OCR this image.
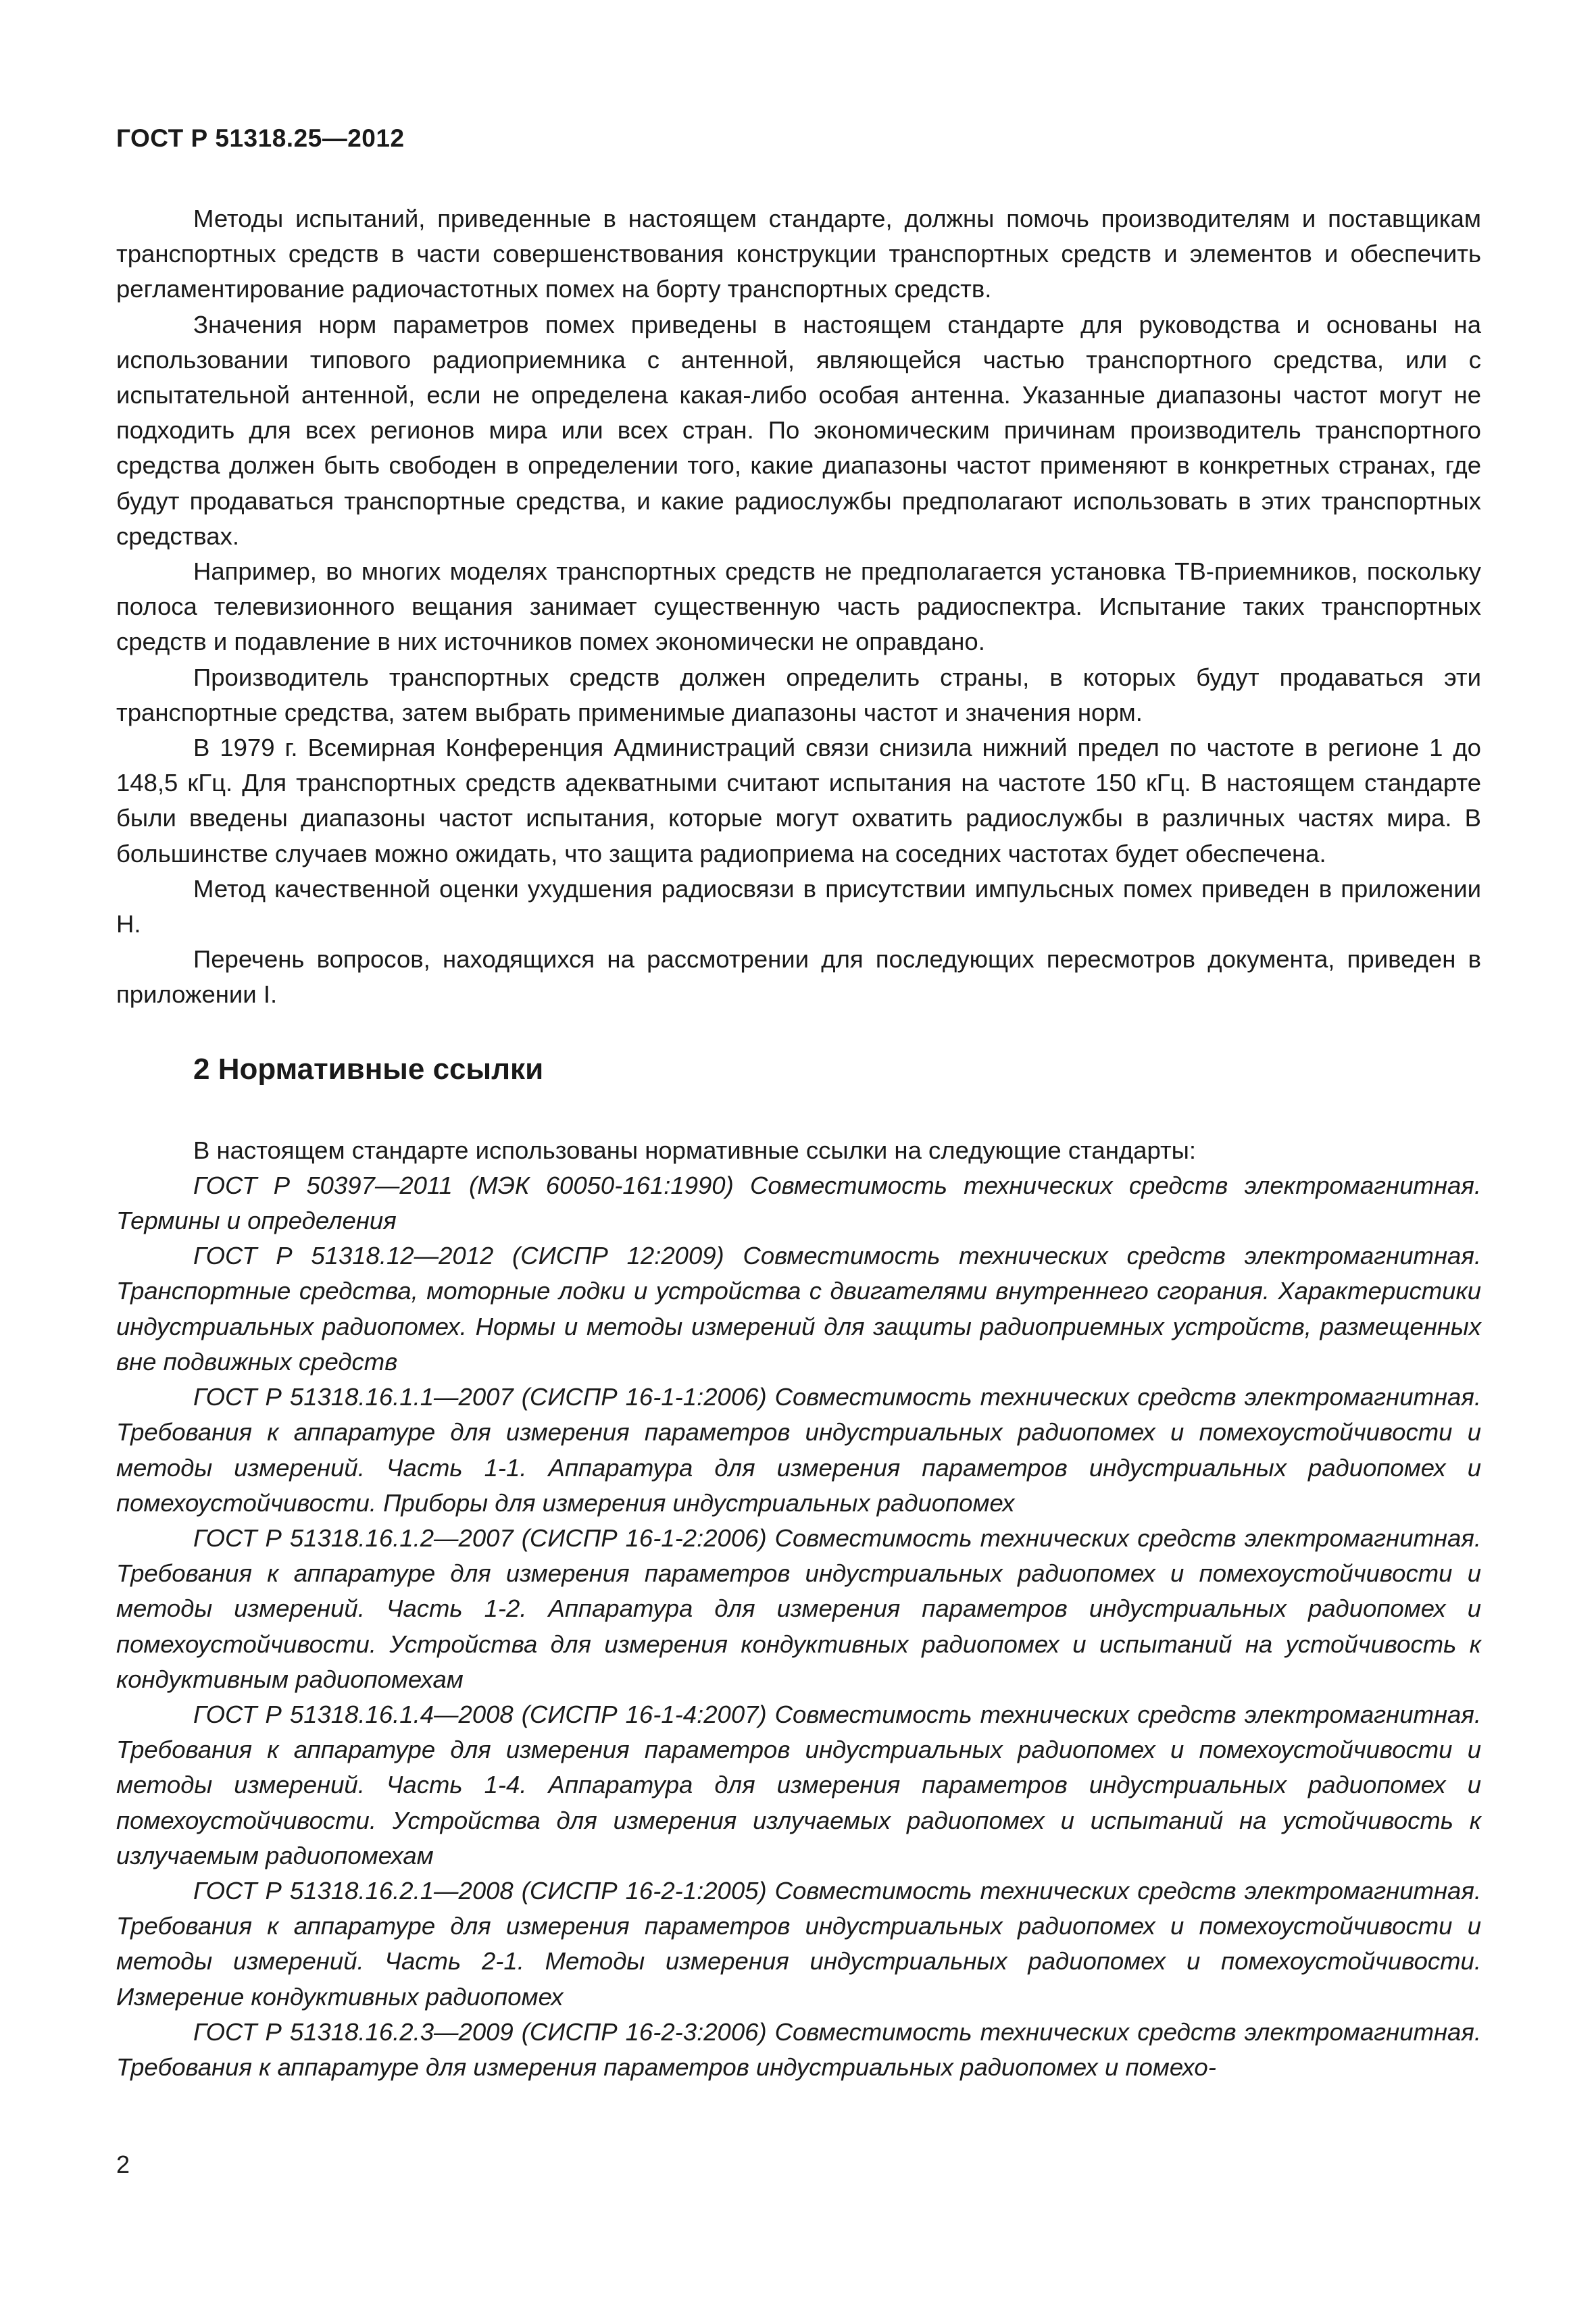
ГОСТ Р 51318.25—2012

Методы испытаний, приведенные в настоящем стандарте, должны помочь производителям и поставщикам транспортных средств в части совершенствования конструкции транспортных средств и элементов и обеспечить регламентирование радиочастотных помех на борту транспортных средств.

Значения норм параметров помех приведены в настоящем стандарте для руководства и основаны на использовании типового радиоприемника с антенной, являющейся частью транспортного средства, или с испытательной антенной, если не определена какая-либо особая антенна. Указанные диапазоны частот могут не подходить для всех регионов мира или всех стран. По экономическим причинам производитель транспортного средства должен быть свободен в определении того, какие диапазоны частот применяют в конкретных странах, где будут продаваться транспортные средства, и какие радиослужбы предполагают использовать в этих транспортных средствах.

Например, во многих моделях транспортных средств не предполагается установка ТВ-приемников, поскольку полоса телевизионного вещания занимает существенную часть радиоспектра. Испытание таких транспортных средств и подавление в них источников помех экономически не оправдано.

Производитель транспортных средств должен определить страны, в которых будут продаваться эти транспортные средства, затем выбрать применимые диапазоны частот и значения норм.

В 1979 г. Всемирная Конференция Администраций связи снизила нижний предел по частоте в регионе 1 до 148,5 кГц. Для транспортных средств адекватными считают испытания на частоте 150 кГц. В настоящем стандарте были введены диапазоны частот испытания, которые могут охватить радиослужбы в различных частях мира. В большинстве случаев можно ожидать, что защита радиоприема на соседних частотах будет обеспечена.

Метод качественной оценки ухудшения радиосвязи в присутствии импульсных помех приведен в приложении Н.

Перечень вопросов, находящихся на рассмотрении для последующих пересмотров документа, приведен в приложении I.

2 Нормативные ссылки

В настоящем стандарте использованы нормативные ссылки на следующие стандарты:

ГОСТ Р 50397—2011 (МЭК 60050-161:1990) Совместимость технических средств электромагнитная. Термины и определения

ГОСТ Р 51318.12—2012 (СИСПР 12:2009) Совместимость технических средств электромагнитная. Транспортные средства, моторные лодки и устройства с двигателями внутреннего сгорания. Характеристики индустриальных радиопомех. Нормы и методы измерений для защиты радиоприемных устройств, размещенных вне подвижных средств

ГОСТ Р 51318.16.1.1—2007 (СИСПР 16-1-1:2006) Совместимость технических средств электромагнитная. Требования к аппаратуре для измерения параметров индустриальных радиопомех и помехоустойчивости и методы измерений. Часть 1-1. Аппаратура для измерения параметров индустриальных радиопомех и помехоустойчивости. Приборы для измерения индустриальных радиопомех

ГОСТ Р 51318.16.1.2—2007 (СИСПР 16-1-2:2006) Совместимость технических средств электромагнитная. Требования к аппаратуре для измерения параметров индустриальных радиопомех и помехоустойчивости и методы измерений. Часть 1-2. Аппаратура для измерения параметров индустриальных радиопомех и помехоустойчивости. Устройства для измерения кондуктивных радиопомех и испытаний на устойчивость к кондуктивным радиопомехам

ГОСТ Р 51318.16.1.4—2008 (СИСПР 16-1-4:2007) Совместимость технических средств электромагнитная. Требования к аппаратуре для измерения параметров индустриальных радиопомех и помехоустойчивости и методы измерений. Часть 1-4. Аппаратура для измерения параметров индустриальных радиопомех и помехоустойчивости. Устройства для измерения излучаемых радиопомех и испытаний на устойчивость к излучаемым радиопомехам

ГОСТ Р 51318.16.2.1—2008 (СИСПР 16-2-1:2005) Совместимость технических средств электромагнитная. Требования к аппаратуре для измерения параметров индустриальных радиопомех и помехоустойчивости и методы измерений. Часть 2-1. Методы измерения индустриальных радиопомех и помехоустойчивости. Измерение кондуктивных радиопомех

ГОСТ Р 51318.16.2.3—2009 (СИСПР 16-2-3:2006) Совместимость технических средств электромагнитная. Требования к аппаратуре для измерения параметров индустриальных радиопомех и помехо-

2
